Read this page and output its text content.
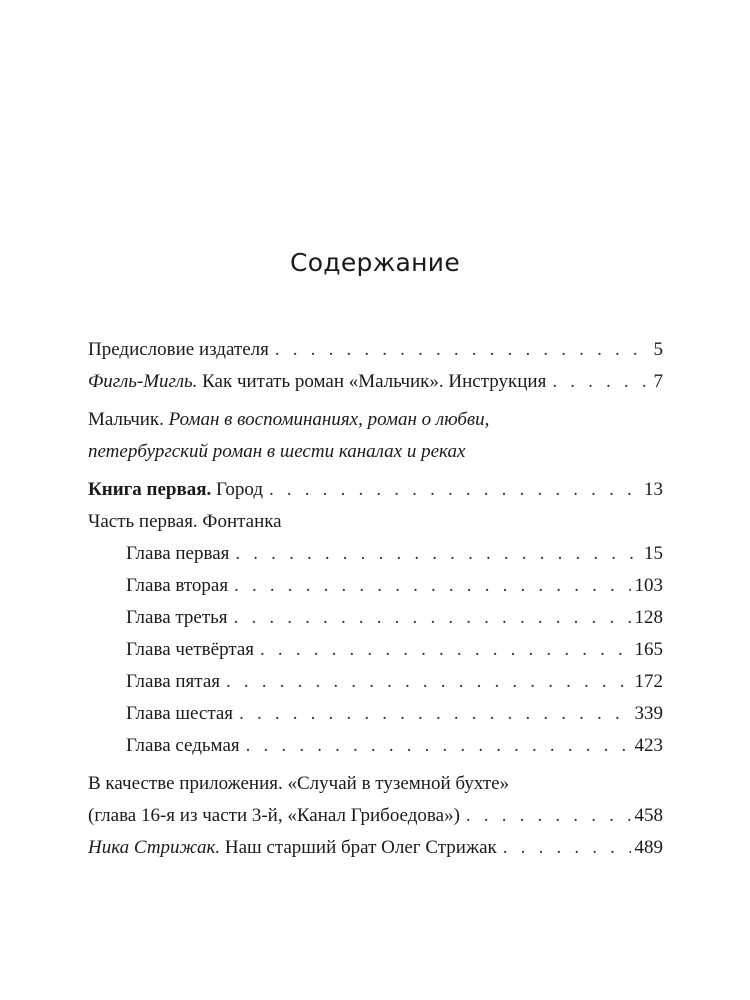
Содержание
Предисловие издателя . . .	5
Фигль-Мигль. Как читать роман «Мальчик». Инструкция . . .	7
Мальчик.
Роман в воспоминаниях, роман о любви,
петербургский роман в шести каналах и реках
Книга первая. Город . . .	13
Часть первая. Фонтанка
Глава первая . . .	15
Глава вторая . . .	103
Глава третья . . .	128
Глава четвёртая . . .	165
Глава пятая . . .	172
Глава шестая . . .	339
Глава седьмая . . .	423
В качестве приложения. «Случай в туземной бухте»
(глава 16-я из части 3-й, «Канал Грибоедова») . . .	458
Ника Стрижак. Наш старший брат Олег Стрижак . . .	489
